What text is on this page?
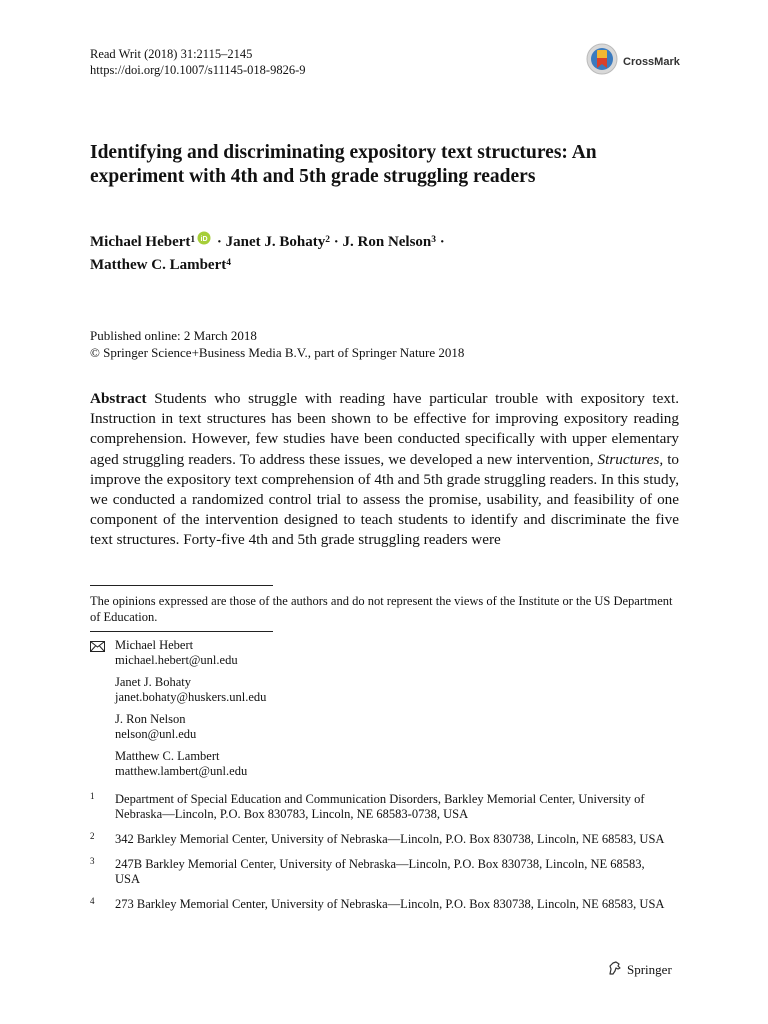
Read Writ (2018) 31:2115–2145
https://doi.org/10.1007/s11145-018-9826-9
CrossMark
Identifying and discriminating expository text structures: An experiment with 4th and 5th grade struggling readers
Michael Hebert$^1$ iD · Janet J. Bohaty$^2$ · J. Ron Nelson$^3$ ·
Matthew C. Lambert$^4$
Published online: 2 March 2018
© Springer Science+Business Media B.V., part of Springer Nature 2018
Abstract Students who struggle with reading have particular trouble with expository text. Instruction in text structures has been shown to be effective for improving expository reading comprehension. However, few studies have been conducted specifically with upper elementary aged struggling readers. To address these issues, we developed a new intervention, Structures, to improve the expository text comprehension of 4th and 5th grade struggling readers. In this study, we conducted a randomized control trial to assess the promise, usability, and feasibility of one component of the intervention designed to teach students to identify and discriminate the five text structures. Forty-five 4th and 5th grade struggling readers were
The opinions expressed are those of the authors and do not represent the views of the Institute or the US Department of Education.
Michael Hebert
michael.hebert@unl.edu
Janet J. Bohaty
janet.bohaty@huskers.unl.edu
J. Ron Nelson
nelson@unl.edu
Matthew C. Lambert
matthew.lambert@unl.edu
1 Department of Special Education and Communication Disorders, Barkley Memorial Center, University of Nebraska—Lincoln, P.O. Box 830783, Lincoln, NE 68583-0738, USA
2 342 Barkley Memorial Center, University of Nebraska—Lincoln, P.O. Box 830738, Lincoln, NE 68583, USA
3 247B Barkley Memorial Center, University of Nebraska—Lincoln, P.O. Box 830738, Lincoln, NE 68583, USA
4 273 Barkley Memorial Center, University of Nebraska—Lincoln, P.O. Box 830738, Lincoln, NE 68583, USA
Springer
